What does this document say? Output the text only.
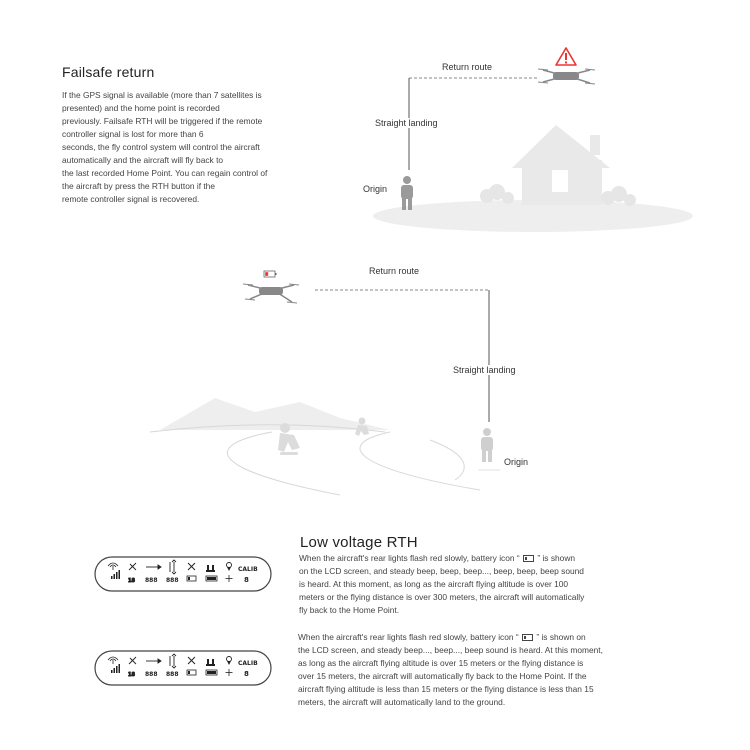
Failsafe return
If the GPS signal is available (more than 7 satellites is
presented) and the home point is recorded
previously. Failsafe RTH will be triggered if the remote
controller signal is lost for more than 6
seconds, the fly control system will control the aircraft
automatically and the aircraft will fly back to
the last recorded Home Point. You can regain control of
the aircraft by press the RTH button if the
remote controller signal is recovered.
18 888 888
CALIB
8
18 888 888
CALIB
8
Return route
Straight landing
Origin
Return route
Straight landing
Origin
Low voltage RTH
When the aircraft's rear lights flash red slowly, battery icon “
” is shown
on the LCD screen, and steady beep, beep, beep..., beep, beep, beep sound
is heard. At this moment, as long as the aircraft flying altitude is over 100
meters or the flying distance is over 300 meters, the aircraft will automatically
fly back to the Home Point.
When the aircraft's rear lights flash red slowly, battery icon “
” is shown on
the LCD screen, and steady beep..., beep..., beep sound is heard. At this moment,
as long as the aircraft flying altitude is over 15 meters or the flying distance is
over 15 meters, the aircraft will automatically fly back to the Home Point. If the
aircraft flying altitude is less than 15 meters or the flying distance is less than 15
meters, the aircraft will automatically land to the ground.
